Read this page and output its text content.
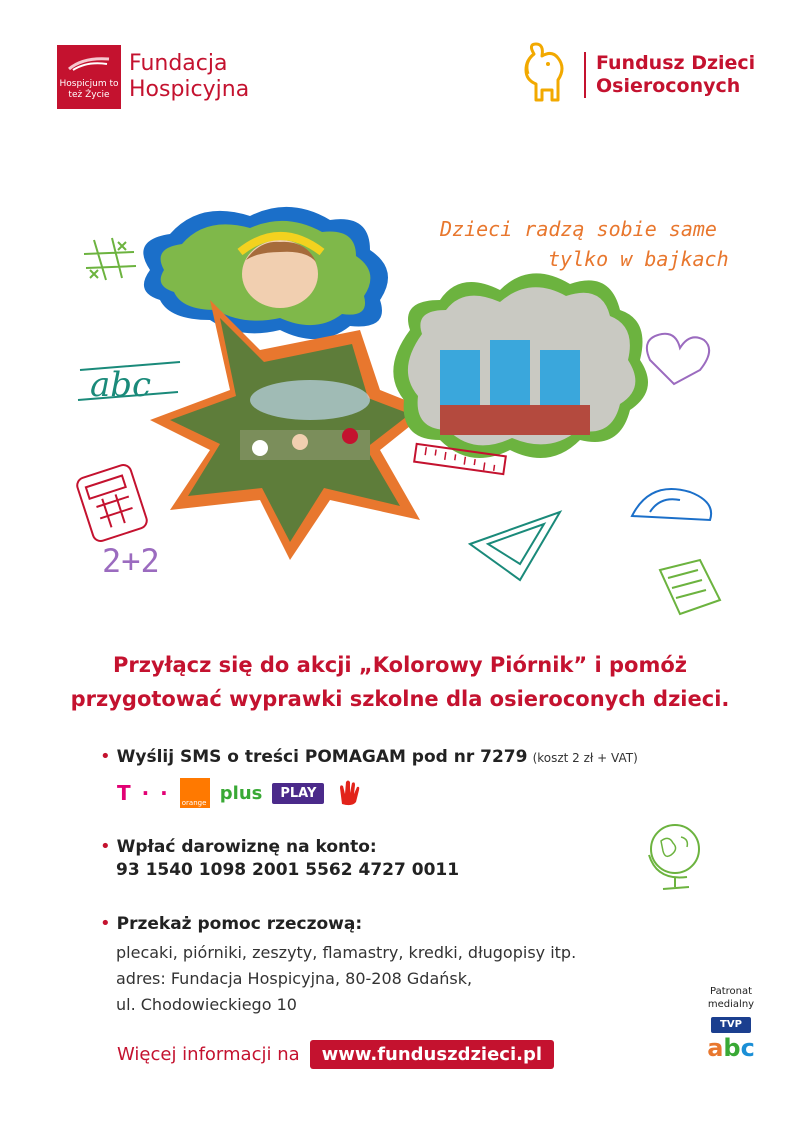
Hospicjum to też Życie
Fundacja
Hospicyjna
Fundusz Dzieci
Osieroconych
abc
2+2
Dzieci radzą sobie same
tylko w bajkach
Przyłącz się do akcji „Kolorowy Piórnik” i pomóż
przygotować wyprawki szkolne dla osieroconych dzieci.
• Wyślij SMS o treści POMAGAM pod nr 7279 (koszt 2 zł + VAT)
T · · orange plus	PLAY
• Wpłać darowiznę na konto:
93 1540 1098 2001 5562 4727 0011
• Przekaż pomoc rzeczową:
plecaki, piórniki, zeszyty, flamastry, kredki, długopisy itp.
adres: Fundacja Hospicyjna, 80-208 Gdańsk,
ul. Chodowieckiego 10
Więcej informacji na	www.funduszdzieci.pl
Patronat
medialny
TVP
abc
